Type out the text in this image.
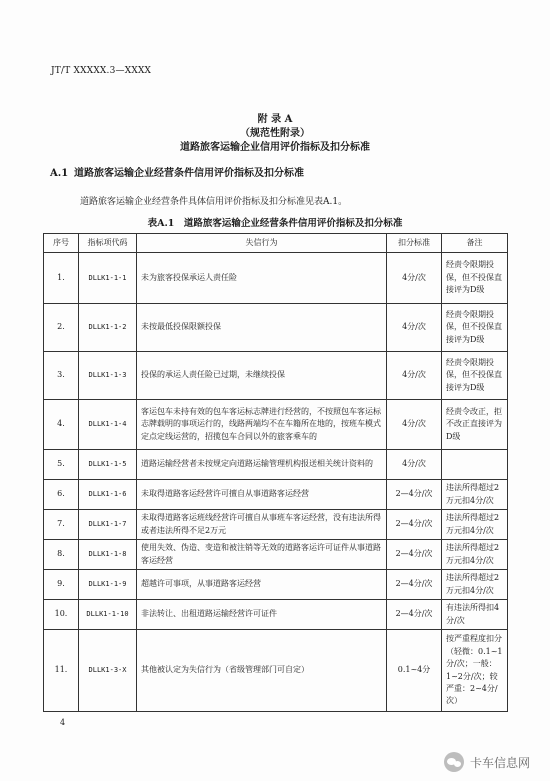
JT/T XXXXX.3—XXXX
附 录 A
（规范性附录）
道路旅客运输企业信用评价指标及扣分标准
A.1 道路旅客运输企业经营条件信用评价指标及扣分标准
道路旅客运输企业经营条件具体信用评价指标及扣分标准见表A.1。
表A.1　道路旅客运输企业经营条件信用评价指标及扣分标准
序号	指标项代码	失信行为	扣分标准	备注
1.	DLLK1-1-1	未为旅客投保承运人责任险	4分/次	经责令限期投保，但不投保直接评为D级
2.	DLLK1-1-2	未按最低投保限额投保	4分/次	经责令限期投保，但不投保直接评为D级
3.	DLLK1-1-3	投保的承运人责任险已过期，未继续投保	4分/次	经责令限期投保，但不投保直接评为D级
4.	DLLK1-1-4	客运包车未持有效的包车客运标志牌进行经营的，不按照包车客运标志牌载明的事项运行的，线路两端均不在车籍所在地的，按班车模式定点定线运营的，招揽包车合同以外的旅客乘车的	4分/次	经责令改正，拒不改正直接评为D级
5.	DLLK1-1-5	道路运输经营者未按规定向道路运输管理机构报送相关统计资料的	4分/次	
6.	DLLK1-1-6	未取得道路客运经营许可擅自从事道路客运经营	2—4分/次	违法所得超过2万元扣4分/次
7.	DLLK1-1-7	未取得道路客运班线经营许可擅自从事班车客运经营，没有违法所得或者违法所得不足2万元	2—4分/次	违法所得超过2万元扣4分/次
8.	DLLK1-1-8	使用失效、伪造、变造和被注销等无效的道路客运许可证件从事道路客运经营	2—4分/次	违法所得超过2万元扣4分/次
9.	DLLK1-1-9	超越许可事项，从事道路客运经营	2—4分/次	违法所得超过2万元扣4分/次
10.	DLLK1-1-10	非法转让、出租道路运输经营许可证件	2—4分/次	有违法所得扣4分/次
11.	DLLK1-3-X	其他被认定为失信行为（省级管理部门可自定）	0.1~4分	按严重程度扣分（轻微：0.1~1分/次；一般：1~2分/次；较严重：2~4分/次）
4
卡车信息网
